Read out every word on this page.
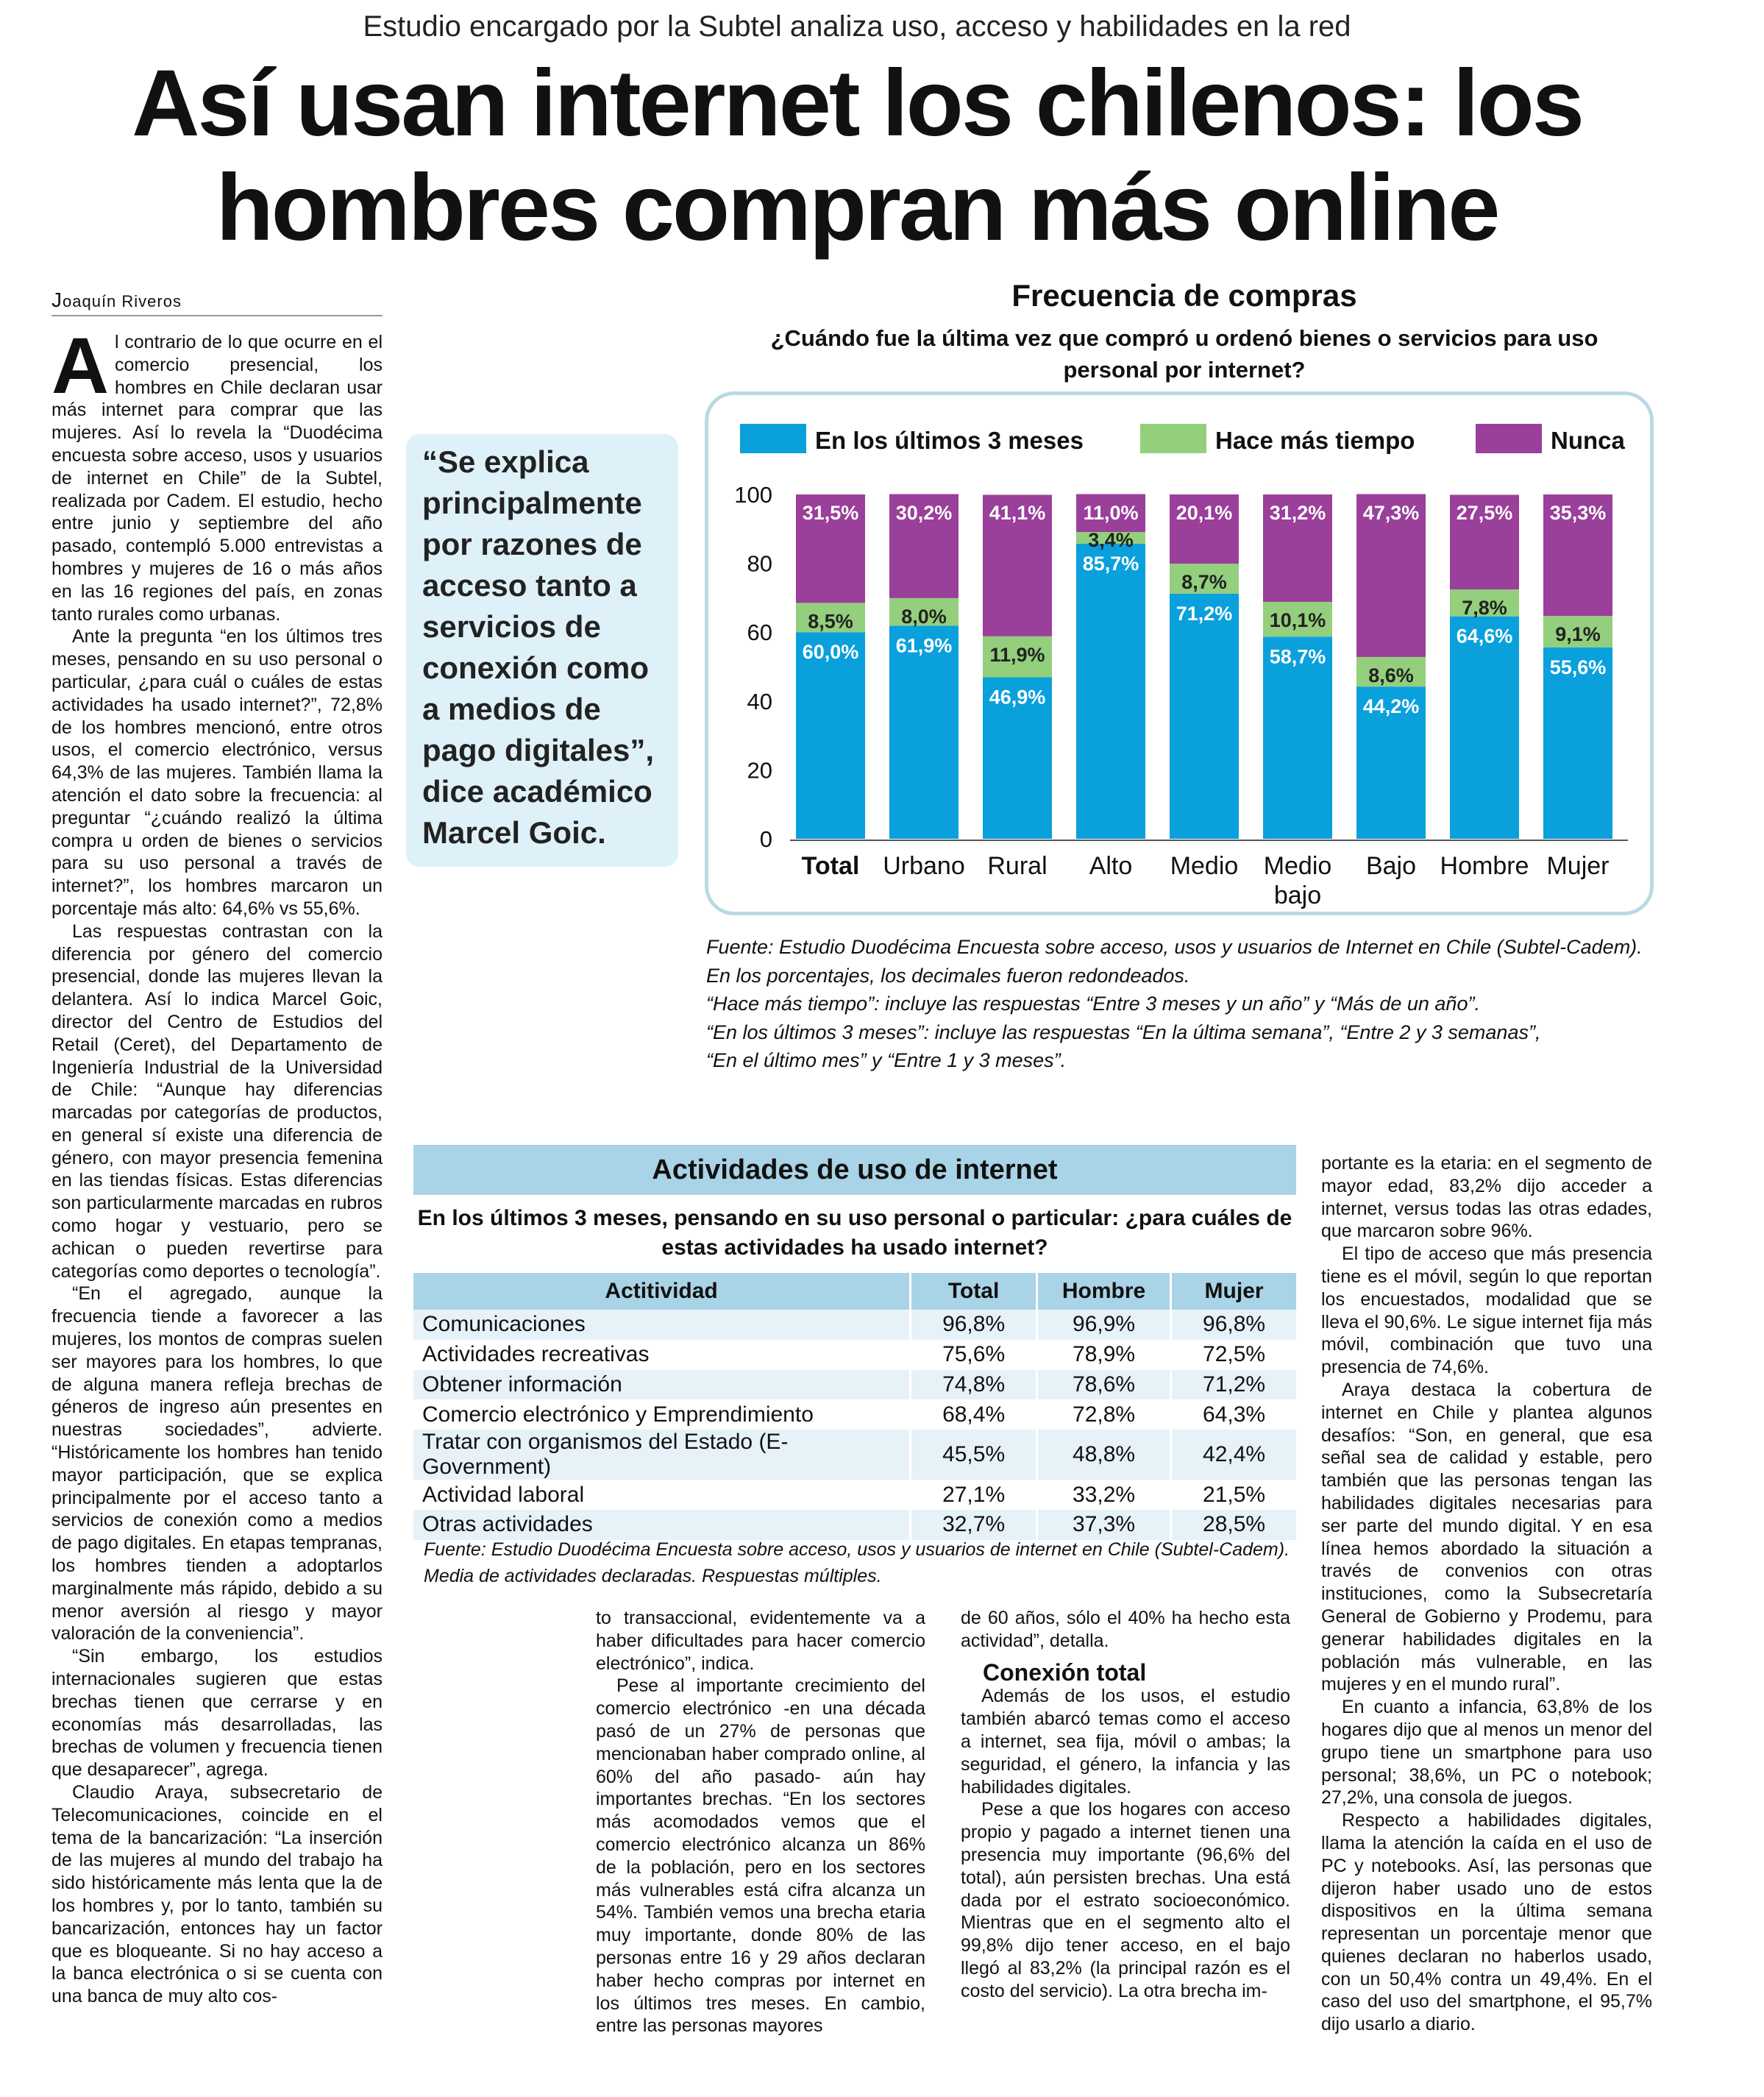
Estudio encargado por la Subtel analiza uso, acceso y habilidades en la red
Así usan internet los chilenos: los
hombres compran más online
Joaquín Riveros

Al contrario de lo que ocurre en el comercio presencial, los hombres en Chile declaran usar más internet para comprar que las mujeres. Así lo revela la “Duodécima encuesta sobre acceso, usos y usuarios de internet en Chile” de la Subtel, realizada por Cadem. El estudio, hecho entre junio y septiembre del año pasado, contempló 5.000 entrevistas a hombres y mujeres de 16 o más años en las 16 regiones del país, en zonas tanto rurales como urbanas.

Ante la pregunta “en los últimos tres meses, pensando en su uso personal o particular, ¿para cuál o cuáles de estas actividades ha usado internet?”, 72,8% de los hombres mencionó, entre otros usos, el comercio electrónico, versus 64,3% de las mujeres. También llama la atención el dato sobre la frecuencia: al preguntar “¿cuándo realizó la última compra u orden de bienes o servicios para su uso personal a través de internet?”, los hombres marcaron un porcentaje más alto: 64,6% vs 55,6%.

Las respuestas contrastan con la diferencia por género del comercio presencial, donde las mujeres llevan la delantera. Así lo indica Marcel Goic, director del Centro de Estudios del Retail (Ceret), del Departamento de Ingeniería Industrial de la Universidad de Chile: “Aunque hay diferencias marcadas por categorías de productos, en general sí existe una diferencia de género, con mayor presencia femenina en las tiendas físicas. Estas diferencias son particularmente marcadas en rubros como hogar y vestuario, pero se achican o pueden revertirse para categorías como deportes o tecnología”.

“En el agregado, aunque la frecuencia tiende a favorecer a las mujeres, los montos de compras suelen ser mayores para los hombres, lo que de alguna manera refleja brechas de géneros de ingreso aún presentes en nuestras sociedades”, advierte. “Históricamente los hombres han tenido mayor participación, que se explica principalmente por el acceso tanto a servicios de conexión como a medios de pago digitales. En etapas tempranas, los hombres tienden a adoptarlos marginalmente más rápido, debido a su menor aversión al riesgo y mayor valoración de la conveniencia”.

“Sin embargo, los estudios internacionales sugieren que estas brechas tienen que cerrarse y en economías más desarrolladas, las brechas de volumen y frecuencia tienen que desaparecer”, agrega.

Claudio Araya, subsecretario de Telecomunicaciones, coincide en el tema de la bancarización: “La inserción de las mujeres al mundo del trabajo ha sido históricamente más lenta que la de los hombres y, por lo tanto, también su bancarización, entonces hay un factor que es bloqueante. Si no hay acceso a la banca electrónica o si se cuenta con una banca de muy alto cos-

“Se explica principalmente por razones de acceso tanto a servicios de conexión como a medios de pago digitales”, dice académico Marcel Goic.
Frecuencia de compras
¿Cuándo fue la última vez que compró u ordenó bienes o servicios para uso personal por internet?
En los últimos 3 meses	Hace más tiempo	Nunca
0
20
40
60
80
100
60,0%
8,5%
31,5%
Total
61,9%
8,0%
30,2%
Urbano
46,9%
11,9%
41,1%
Rural
85,7%
3,4%
11,0%
Alto
71,2%
8,7%
20,1%
Medio
58,7%
10,1%
31,2%
Medio bajo
44,2%
8,6%
47,3%
Bajo
64,6%
7,8%
27,5%
Hombre
55,6%
9,1%
35,3%
Mujer
Fuente: Estudio Duodécima Encuesta sobre acceso, usos y usuarios de Internet en Chile (Subtel-Cadem).
En los porcentajes, los decimales fueron redondeados.
“Hace más tiempo”: incluye las respuestas “Entre 3 meses y un año” y “Más de un año”.
“En los últimos 3 meses”: incluye las respuestas “En la última semana”, “Entre 2 y 3 semanas”,
“En el último mes” y “Entre 1 y 3 meses”.
Actividades de uso de internet
En los últimos 3 meses, pensando en su uso personal o particular: ¿para cuáles de estas actividades ha usado internet?
Actitividad	Total	Hombre	Mujer
Comunicaciones	96,8%	96,9%	96,8%
Actividades recreativas	75,6%	78,9%	72,5%
Obtener información	74,8%	78,6%	71,2%
Comercio electrónico y Emprendimiento	68,4%	72,8%	64,3%
Tratar con organismos del Estado (E-Government)	45,5%	48,8%	42,4%
Actividad laboral	27,1%	33,2%	21,5%
Otras actividades	32,7%	37,3%	28,5%
Fuente: Estudio Duodécima Encuesta sobre acceso, usos y usuarios de internet en Chile (Subtel-Cadem).
Media de actividades declaradas. Respuestas múltiples.

to transaccional, evidentemente va a haber dificultades para hacer comercio electrónico”, indica.

Pese al importante crecimiento del comercio electrónico -en una década pasó de un 27% de personas que mencionaban haber comprado online, al 60% del año pasado- aún hay importantes brechas. “En los sectores más acomodados vemos que el comercio electrónico alcanza un 86% de la población, pero en los sectores más vulnerables está cifra alcanza un 54%. También vemos una brecha etaria muy importante, donde 80% de las personas entre 16 y 29 años declaran haber hecho compras por internet en los últimos tres meses. En cambio, entre las personas mayores

de 60 años, sólo el 40% ha hecho esta actividad”, detalla.

Conexión total

Además de los usos, el estudio también abarcó temas como el acceso a internet, sea fija, móvil o ambas; la seguridad, el género, la infancia y las habilidades digitales.

Pese a que los hogares con acceso propio y pagado a internet tienen una presencia muy importante (96,6% del total), aún persisten brechas. Una está dada por el estrato socioeconómico. Mientras que en el segmento alto el 99,8% dijo tener acceso, en el bajo llegó al 83,2% (la principal razón es el costo del servicio). La otra brecha im-

portante es la etaria: en el segmento de mayor edad, 83,2% dijo acceder a internet, versus todas las otras edades, que marcaron sobre 96%.

El tipo de acceso que más presencia tiene es el móvil, según lo que reportan los encuestados, modalidad que se lleva el 90,6%. Le sigue internet fija más móvil, combinación que tuvo una presencia de 74,6%.

Araya destaca la cobertura de internet en Chile y plantea algunos desafíos: “Son, en general, que esa señal sea de calidad y estable, pero también que las personas tengan las habilidades digitales necesarias para ser parte del mundo digital. Y en esa línea hemos abordado la situación a través de convenios con otras instituciones, como la Subsecretaría General de Gobierno y Prodemu, para generar habilidades digitales en la población más vulnerable, en las mujeres y en el mundo rural”.

En cuanto a infancia, 63,8% de los hogares dijo que al menos un menor del grupo tiene un smartphone para uso personal; 38,6%, un PC o notebook; 27,2%, una consola de juegos.

Respecto a habilidades digitales, llama la atención la caída en el uso de PC y notebooks. Así, las personas que dijeron haber usado uno de estos dispositivos en la última semana representan un porcentaje menor que quienes declaran no haberlos usado, con un 50,4% contra un 49,4%. En el caso del uso del smartphone, el 95,7% dijo usarlo a diario.
